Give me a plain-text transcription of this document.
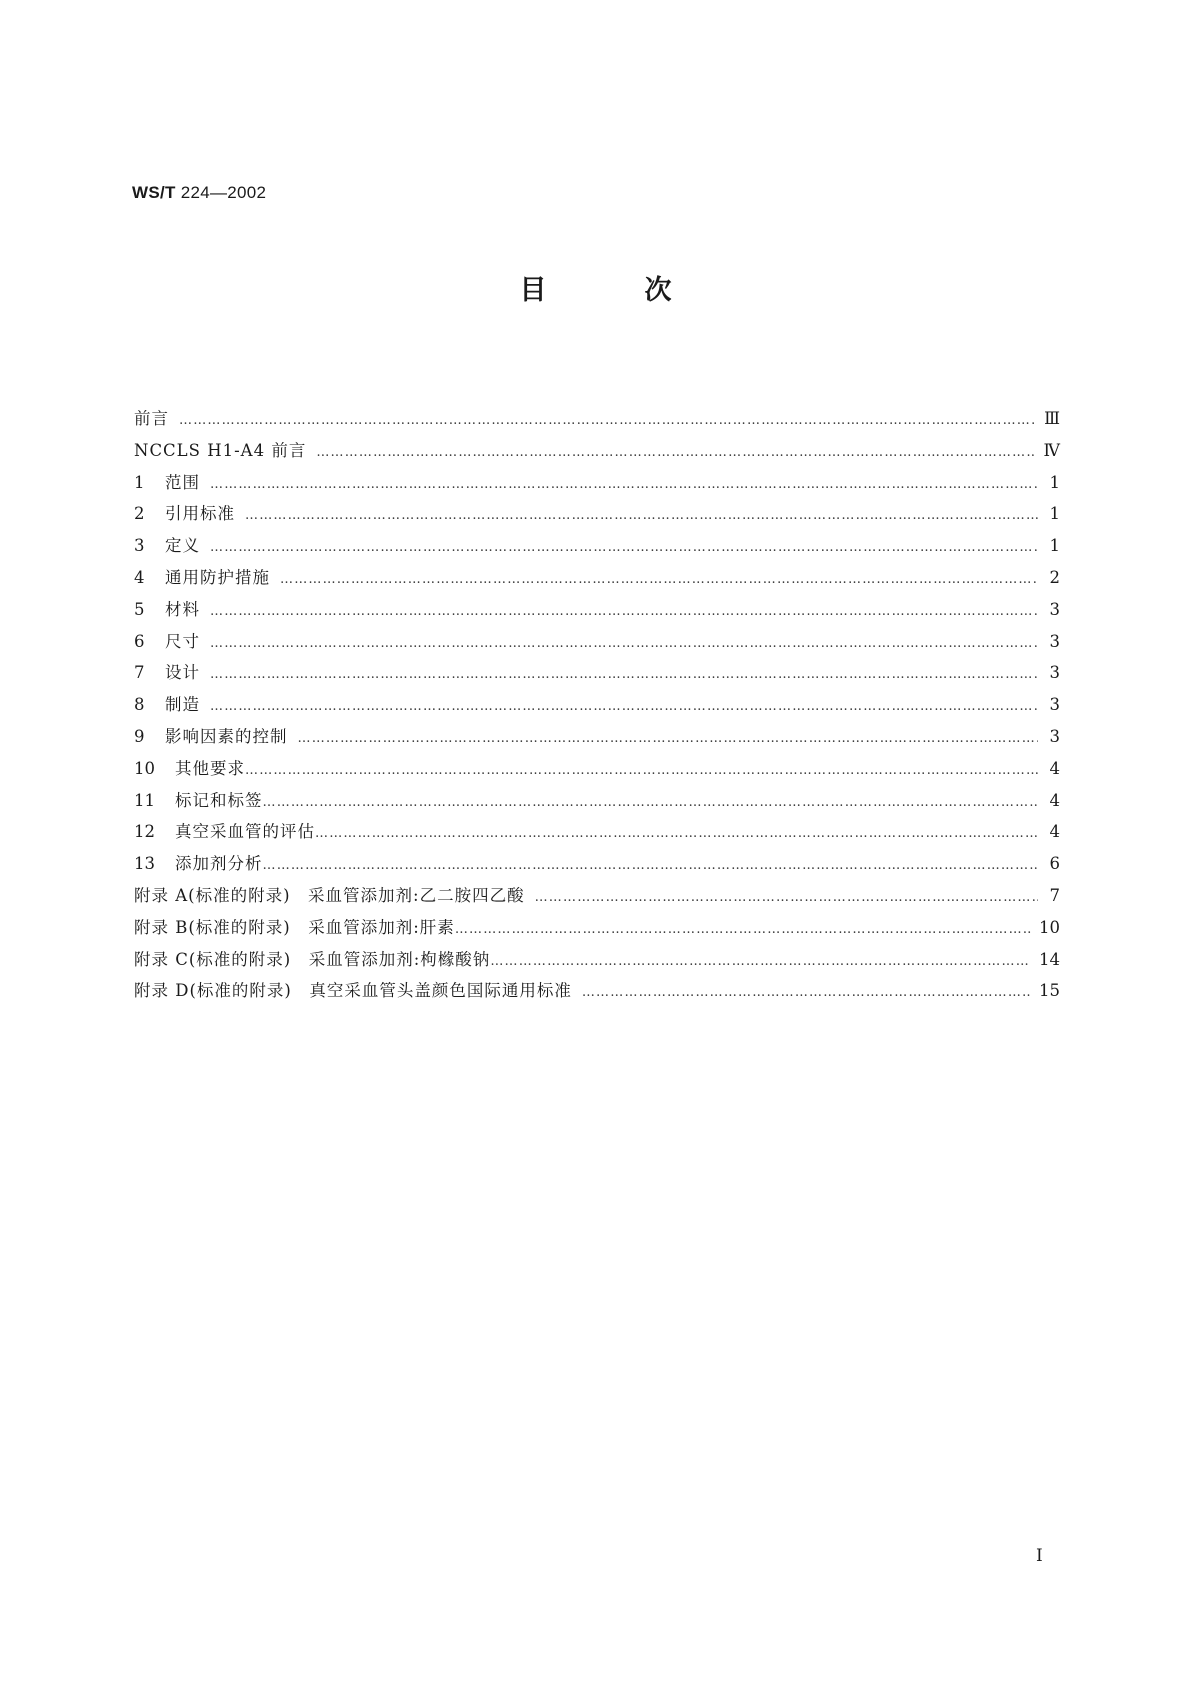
WS/T 224—2002
目	次
前言 ……………………………………………………………………………………………………………………………………………………………………………………………………………………	Ⅲ
NCCLS H1-A4 前言 ……………………………………………………………………………………………………………………………………………………………………………………………………………………	Ⅳ
1	范围 ……………………………………………………………………………………………………………………………………………………………………………………………………………………	1
2	引用标准 ……………………………………………………………………………………………………………………………………………………………………………………………………………………	1
3	定义 ……………………………………………………………………………………………………………………………………………………………………………………………………………………	1
4	通用防护措施 ……………………………………………………………………………………………………………………………………………………………………………………………………………………	2
5	材料 ……………………………………………………………………………………………………………………………………………………………………………………………………………………	3
6	尺寸 ……………………………………………………………………………………………………………………………………………………………………………………………………………………	3
7	设计 ……………………………………………………………………………………………………………………………………………………………………………………………………………………	3
8	制造 ……………………………………………………………………………………………………………………………………………………………………………………………………………………	3
9	影响因素的控制 ……………………………………………………………………………………………………………………………………………………………………………………………………………………	3
10	其他要求 ……………………………………………………………………………………………………………………………………………………………………………………………………………………	4
11	标记和标签 ……………………………………………………………………………………………………………………………………………………………………………………………………………………	4
12	真空采血管的评估 ……………………………………………………………………………………………………………………………………………………………………………………………………………………	4
13	添加剂分析 ……………………………………………………………………………………………………………………………………………………………………………………………………………………	6
附录 A(标准的附录)　采血管添加剂:乙二胺四乙酸 ……………………………………………………………………………………………………………………………………………………………………………………………………………………	7
附录 B(标准的附录)　采血管添加剂:肝素 ……………………………………………………………………………………………………………………………………………………………………………………………………………………	10
附录 C(标准的附录)　采血管添加剂:枸橼酸钠 ……………………………………………………………………………………………………………………………………………………………………………………………………………………	14
附录 D(标准的附录)　真空采血管头盖颜色国际通用标准 ……………………………………………………………………………………………………………………………………………………………………………………………………………………	15
I
